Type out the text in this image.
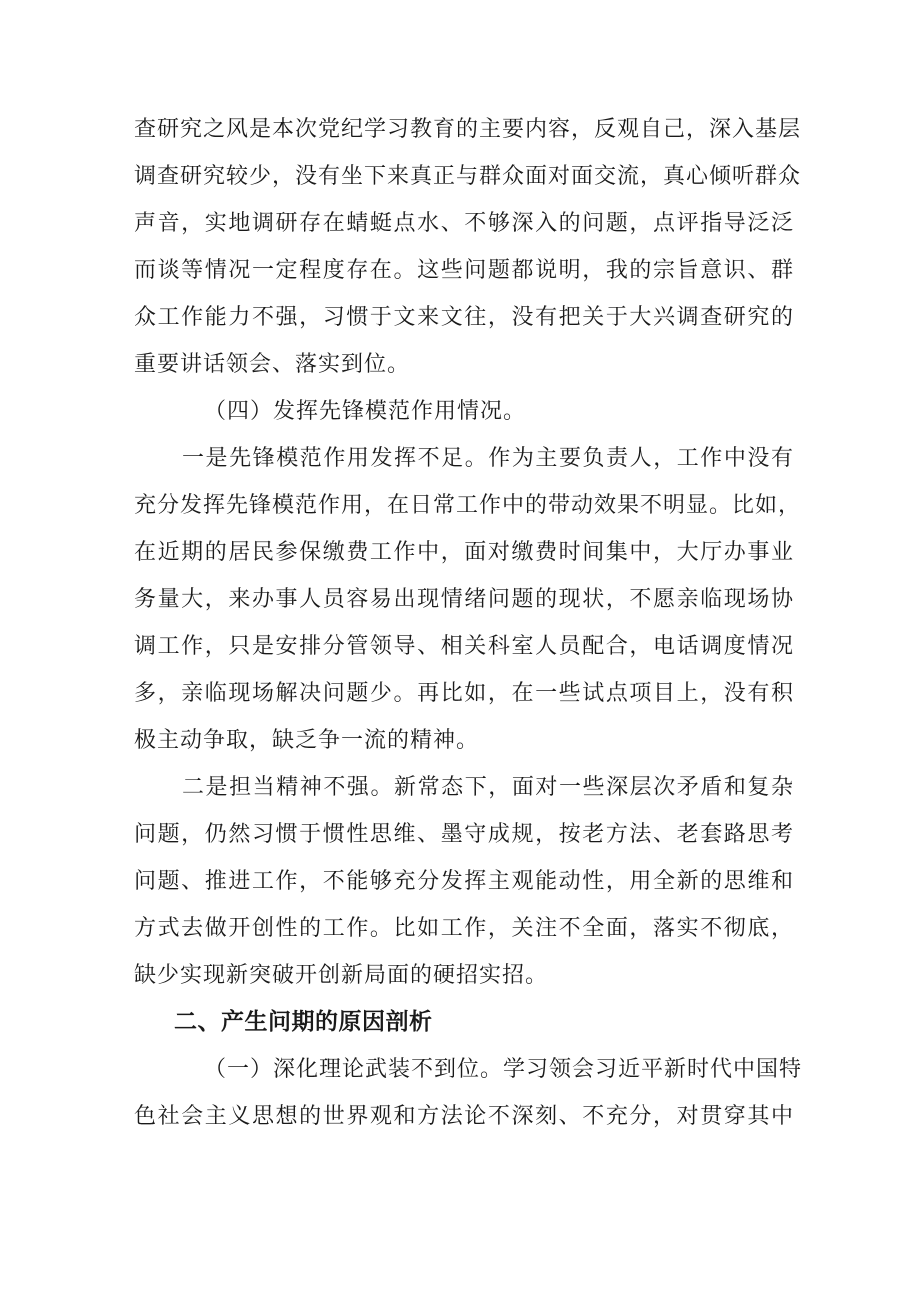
查研究之风是本次党纪学习教育的主要内容，反观自己，深入基层
调查研究较少，没有坐下来真正与群众面对面交流，真心倾听群众
声音，实地调研存在蜻蜓点水、不够深入的问题，点评指导泛泛
而谈等情况一定程度存在。这些问题都说明，我的宗旨意识、群
众工作能力不强，习惯于文来文往，没有把关于大兴调查研究的
重要讲话领会、落实到位。
（四）发挥先锋模范作用情况。
一是先锋模范作用发挥不足。作为主要负责人，工作中没有
充分发挥先锋模范作用，在日常工作中的带动效果不明显。比如，
在近期的居民参保缴费工作中，面对缴费时间集中，大厅办事业
务量大，来办事人员容易出现情绪问题的现状，不愿亲临现场协
调工作，只是安排分管领导、相关科室人员配合，电话调度情况
多，亲临现场解决问题少。再比如，在一些试点项目上，没有积
极主动争取，缺乏争一流的精神。
二是担当精神不强。新常态下，面对一些深层次矛盾和复杂
问题，仍然习惯于惯性思维、墨守成规，按老方法、老套路思考
问题、推进工作，不能够充分发挥主观能动性，用全新的思维和
方式去做开创性的工作。比如工作，关注不全面，落实不彻底，
缺少实现新突破开创新局面的硬招实招。
二、产生问期的原因剖析
（一）深化理论武装不到位。学习领会习近平新时代中国特
色社会主义思想的世界观和方法论不深刻、不充分，对贯穿其中
